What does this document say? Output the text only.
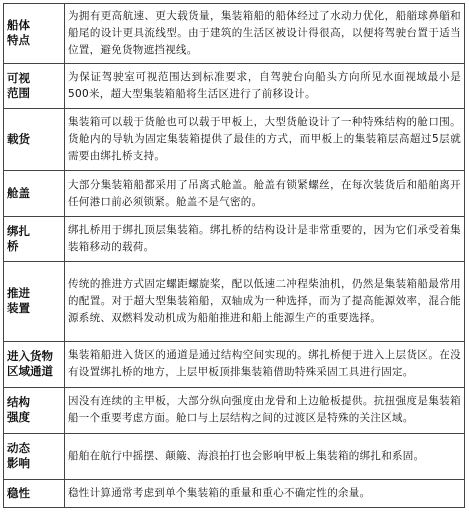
船体
特点	为拥有更高航速、更大载货量，集装箱船的船体经过了水动力优化，船艏球鼻艏和船尾的设计更具流线型。由于建筑的生活区被设计得很高，以便将驾驶台置于适当位置，避免货物遮挡视线。

可视
范围	为保证驾驶室可视范围达到标准要求，自驾驶台向船头方向所见水面视域最小是500米，超大型集装箱船将生活区进行了前移设计。

载货	集装箱可以载于货舱也可以载于甲板上，大型货舱设计了一种特殊结构的舱口围。货舱内的导轨为固定集装箱提供了最佳的方式，而甲板上的集装箱层高超过5层就需要由绑扎桥支持。

舱盖	大部分集装箱船都采用了吊离式舱盖。舱盖有锁紧螺丝，在每次装货后和船舶离开任何港口前必须锁紧。舱盖不是气密的。

绑扎
桥	绑扎桥用于绑扎顶层集装箱。绑扎桥的结构设计是非常重要的，因为它们承受着集装箱移动的载荷。

推进
装置	传统的推进方式固定螺距螺旋桨，配以低速二冲程柴油机，仍然是集装箱船最常用的配置。对于超大型集装箱船，双轴成为一种选择，而为了提高能源效率，混合能源系统、双燃料发动机成为船舶推进和船上能源生产的重要选择。

进入货物
区域通道	集装箱船进入货区的通道是通过结构空间实现的。绑扎桥便于进入上层货区。在没有设置绑扎桥的地方，上层甲板顶排集装箱借助特殊采固工具进行固定。

结构
强度	因没有连续的主甲板，大部分纵向强度由龙骨和上边舱板提供。抗扭强度是集装箱船一个重要考虑方面。舱口与上层结构之间的过渡区是特殊的关注区域。

动态
影响	船舶在航行中摇摆、颠簸、海浪拍打也会影响甲板上集装箱的绑扎和系固。

稳性	稳性计算通常考虑到单个集装箱的重量和重心不确定性的余量。
